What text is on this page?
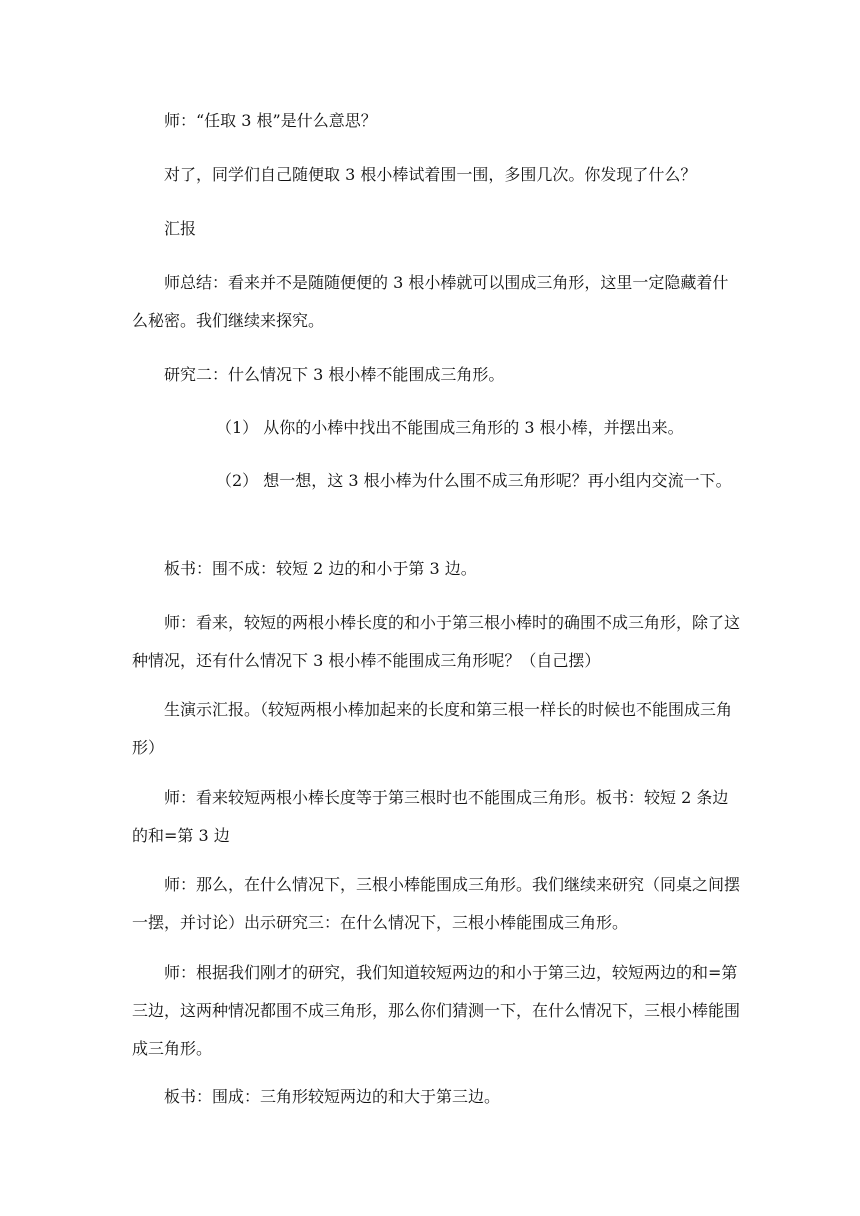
师：“任取 3 根”是什么意思？

对了，同学们自己随便取 3 根小棒试着围一围，多围几次。你发现了什么？

汇报

师总结：看来并不是随随便便的 3 根小棒就可以围成三角形，这里一定隐藏着什么秘密。我们继续来探究。

研究二：什么情况下 3 根小棒不能围成三角形。

（1） 从你的小棒中找出不能围成三角形的 3 根小棒，并摆出来。

（2） 想一想，这 3 根小棒为什么围不成三角形呢？再小组内交流一下。

板书：围不成：较短 2 边的和小于第 3 边。

师：看来，较短的两根小棒长度的和小于第三根小棒时的确围不成三角形，除了这种情况，还有什么情况下 3 根小棒不能围成三角形呢？（自己摆）

生演示汇报。（较短两根小棒加起来的长度和第三根一样长的时候也不能围成三角形）

师：看来较短两根小棒长度等于第三根时也不能围成三角形。板书：较短 2 条边的和=第 3 边

师：那么，在什么情况下，三根小棒能围成三角形。我们继续来研究（同桌之间摆一摆，并讨论）出示研究三：在什么情况下，三根小棒能围成三角形。

师：根据我们刚才的研究，我们知道较短两边的和小于第三边，较短两边的和=第三边，这两种情况都围不成三角形，那么你们猜测一下，在什么情况下，三根小棒能围成三角形。

板书：围成：三角形较短两边的和大于第三边。
